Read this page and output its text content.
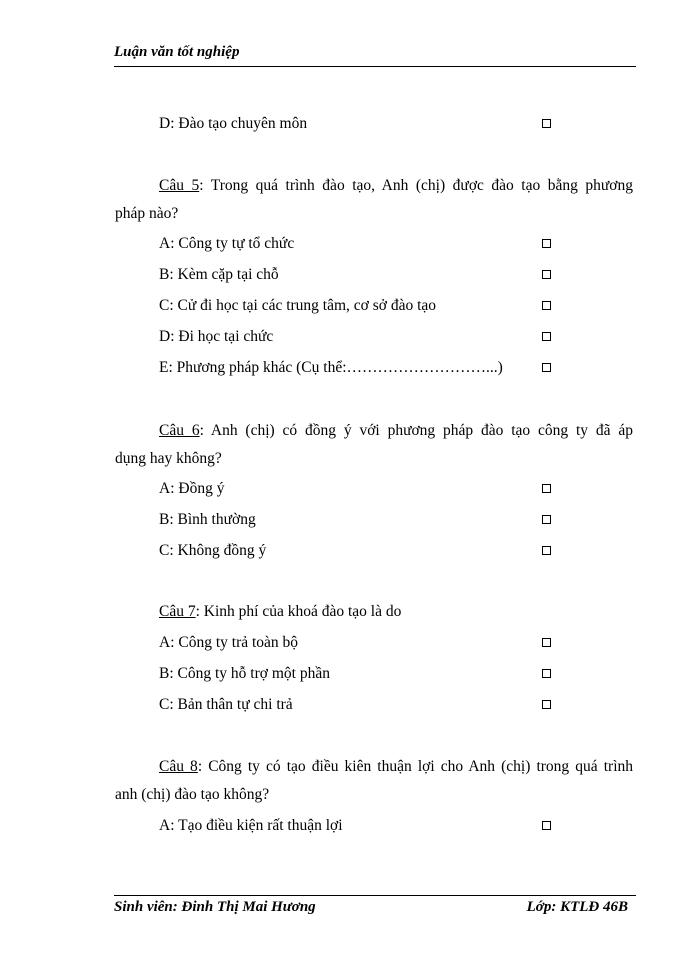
Luận văn tốt nghiệp
D: Đào tạo chuyên môn
Câu 5: Trong quá trình đào tạo, Anh (chị) được đào tạo bằng phương
pháp nào?
A: Công ty tự tổ chức
B: Kèm cặp tại chỗ
C: Cử đi học tại các trung tâm, cơ sở đào tạo
D: Đi học tại chức
E: Phương pháp khác (Cụ thể:………………………...)
Câu 6: Anh (chị) có đồng ý với phương pháp đào tạo công ty đã áp
dụng hay không?
A: Đồng ý
B: Bình thường
C: Không đồng ý
Câu 7: Kinh phí của khoá đào tạo là do
A: Công ty trả toàn bộ
B: Công ty hỗ trợ một phần
C: Bản thân tự chi trả
Câu 8: Công ty có tạo điều kiên thuận lợi cho Anh (chị) trong quá trình
anh (chị) đào tạo không?
A: Tạo điều kiện rất thuận lợi
Sinh viên: Đinh Thị Mai Hương	Lớp: KTLĐ 46B
